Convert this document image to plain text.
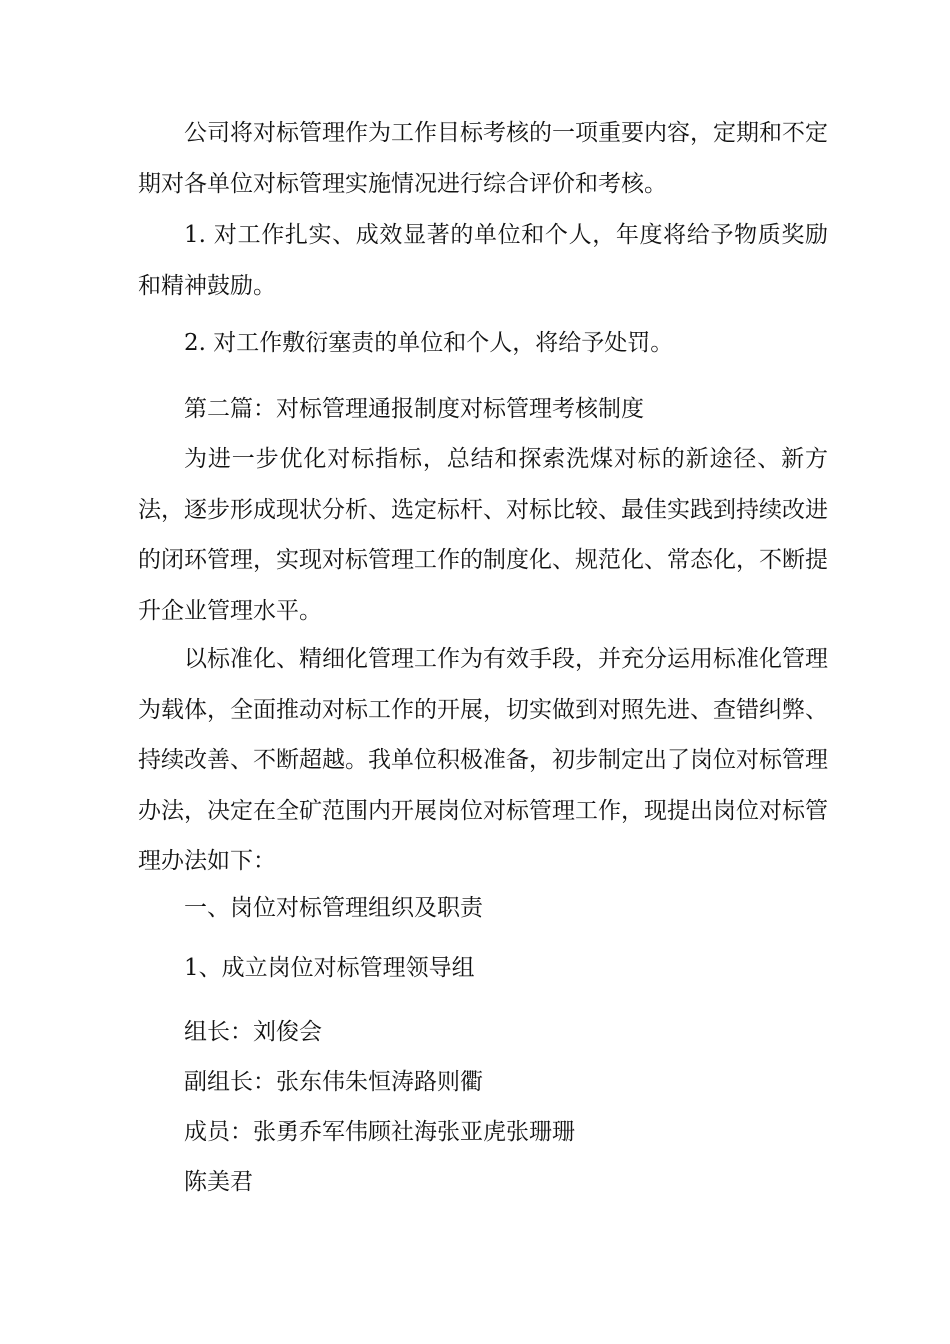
公司将对标管理作为工作目标考核的一项重要内容，定期和不定期对各单位对标管理实施情况进行综合评价和考核。

1. 对工作扎实、成效显著的单位和个人，年度将给予物质奖励和精神鼓励。

2. 对工作敷衍塞责的单位和个人，将给予处罚。

第二篇：对标管理通报制度对标管理考核制度

为进一步优化对标指标，总结和探索洗煤对标的新途径、新方法，逐步形成现状分析、选定标杆、对标比较、最佳实践到持续改进的闭环管理，实现对标管理工作的制度化、规范化、常态化，不断提升企业管理水平。

以标准化、精细化管理工作为有效手段，并充分运用标准化管理为载体，全面推动对标工作的开展，切实做到对照先进、查错纠弊、持续改善、不断超越。我单位积极准备，初步制定出了岗位对标管理办法，决定在全矿范围内开展岗位对标管理工作，现提出岗位对标管理办法如下：

一、岗位对标管理组织及职责

1、成立岗位对标管理领导组

组长：刘俊会

副组长：张东伟朱恒涛路则衢

成员：张勇乔军伟顾社海张亚虎张珊珊

陈美君
